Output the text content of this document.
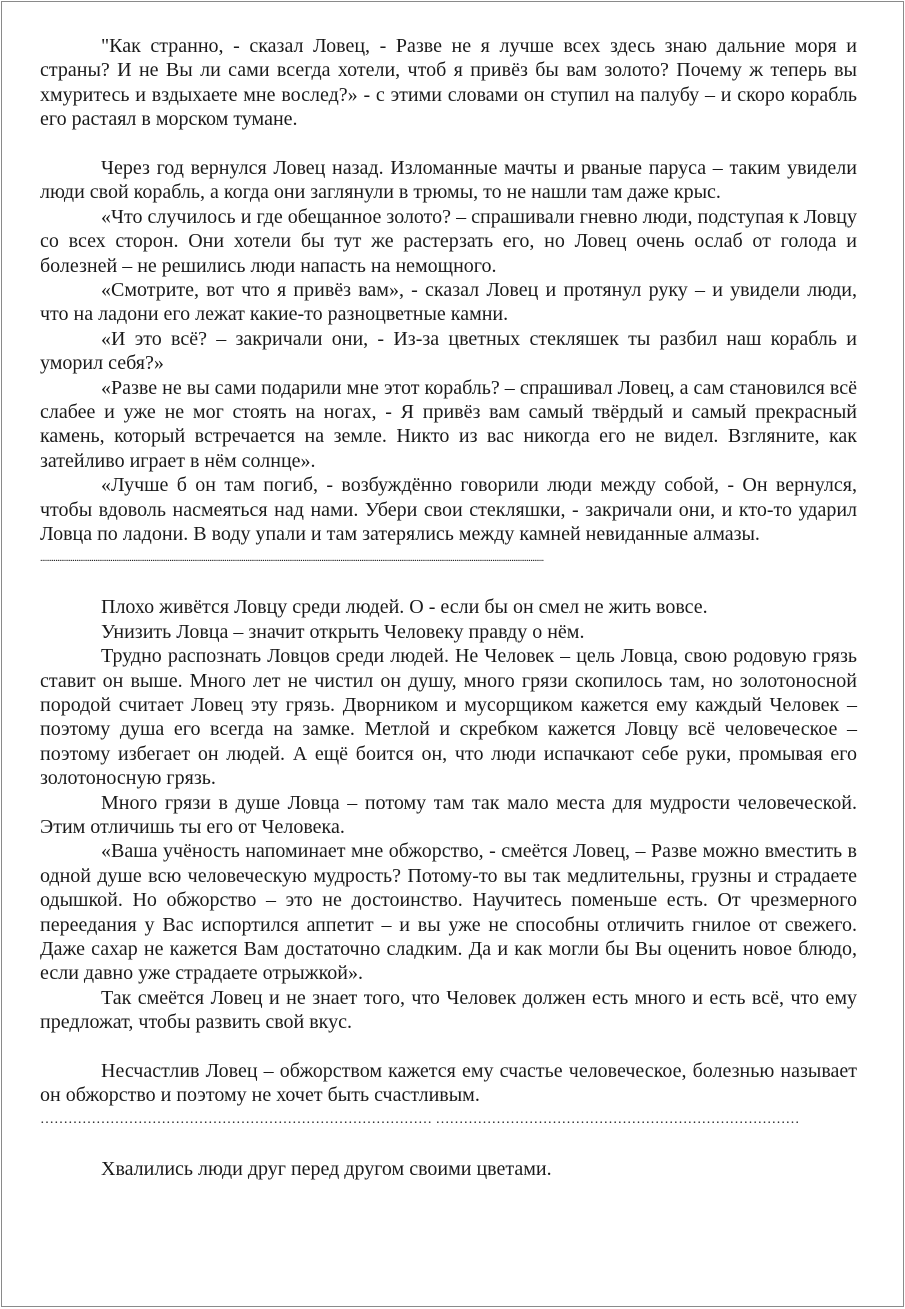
"Как странно, - сказал Ловец, - Разве не я лучше всех здесь знаю дальние моря и страны? И не Вы ли сами всегда хотели, чтоб я привёз бы вам золото? Почему ж теперь вы хмуритесь и вздыхаете мне вослед?» - с этими словами он ступил на палубу – и скоро корабль его растаял в морском тумане.

Через год вернулся Ловец назад. Изломанные мачты и рваные паруса – таким увидели люди свой корабль, а когда они заглянули в трюмы, то не нашли там даже крыс.

«Что случилось и где обещанное золото? – спрашивали гневно люди, подступая к Ловцу со всех сторон. Они хотели бы тут же растерзать его, но Ловец очень ослаб от голода и болезней – не решились люди напасть на немощного.

«Смотрите, вот что я привёз вам», - сказал Ловец и протянул руку – и увидели люди, что на ладони его лежат какие-то разноцветные камни.

«И это всё? – закричали они, - Из-за цветных стекляшек ты разбил наш корабль и уморил себя?»

«Разве не вы сами подарили мне этот корабль? – спрашивал Ловец, а сам становился всё слабее и уже не мог стоять на ногах, - Я привёз вам самый твёрдый и самый прекрасный камень, который встречается на земле. Никто из вас никогда его не видел. Взгляните, как затейливо играет в нём солнце».

«Лучше б он там погиб, - возбуждённо говорили люди между собой, - Он вернулся, чтобы вдоволь насмеяться над нами. Убери свои стекляшки, - закричали они, и кто-то ударил Ловца по ладони. В воду упали и там затерялись между камней невиданные алмазы.

.........................................................................................................................................................................................................................................................................

Плохо живётся Ловцу среди людей. О - если бы он смел не жить вовсе.

Унизить Ловца – значит открыть Человеку правду о нём.

Трудно распознать Ловцов среди людей. Не Человек – цель Ловца, свою родовую грязь ставит он выше. Много лет не чистил он душу, много грязи скопилось там, но золотоносной породой считает Ловец эту грязь. Дворником и мусорщиком кажется ему каждый Человек – поэтому душа его всегда на замке. Метлой и скребком кажется Ловцу всё человеческое – поэтому избегает он людей. А ещё боится он, что люди испачкают себе руки, промывая его золотоносную грязь.

Много грязи в душе Ловца – потому там так мало места для мудрости человеческой. Этим отличишь ты его от Человека.

«Ваша учёность напоминает мне обжорство, - смеётся Ловец, – Разве можно вместить в одной душе всю человеческую мудрость? Потому-то вы так медлительны, грузны и страдаете одышкой. Но обжорство – это не достоинство. Научитесь поменьше есть. От чрезмерного переедания у Вас испортился аппетит – и вы уже не способны отличить гнилое от свежего. Даже сахар не кажется Вам достаточно сладким. Да и как могли бы Вы оценить новое блюдо, если давно уже страдаете отрыжкой».

Так смеётся Ловец и не знает того, что Человек должен есть много и есть всё, что ему предложат, чтобы развить свой вкус.

Несчастлив Ловец – обжорством кажется ему счастье человеческое, болезнью называет он обжорство и поэтому не хочет быть счастливым.

………………………………………………………………………… ……………………………………………………………………

Хвалились люди друг перед другом своими цветами.
